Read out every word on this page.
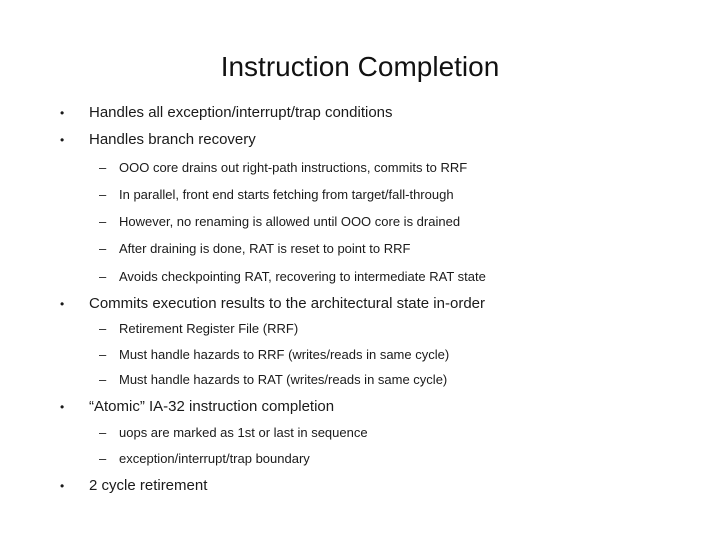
Instruction Completion
•	Handles all exception/interrupt/trap conditions
•	Handles branch recovery
– OOO core drains out right-path instructions, commits to RRF
– In parallel, front end starts fetching from target/fall-through
– However, no renaming is allowed until OOO core is drained
– After draining is done, RAT is reset to point to RRF
– Avoids checkpointing RAT, recovering to intermediate RAT state
•	Commits execution results to the architectural state in-order
– Retirement Register File (RRF)
– Must handle hazards to RRF (writes/reads in same cycle)
– Must handle hazards to RAT (writes/reads in same cycle)
•	“Atomic” IA-32 instruction completion
– uops are marked as 1st or last in sequence
– exception/interrupt/trap boundary
•	2 cycle retirement
